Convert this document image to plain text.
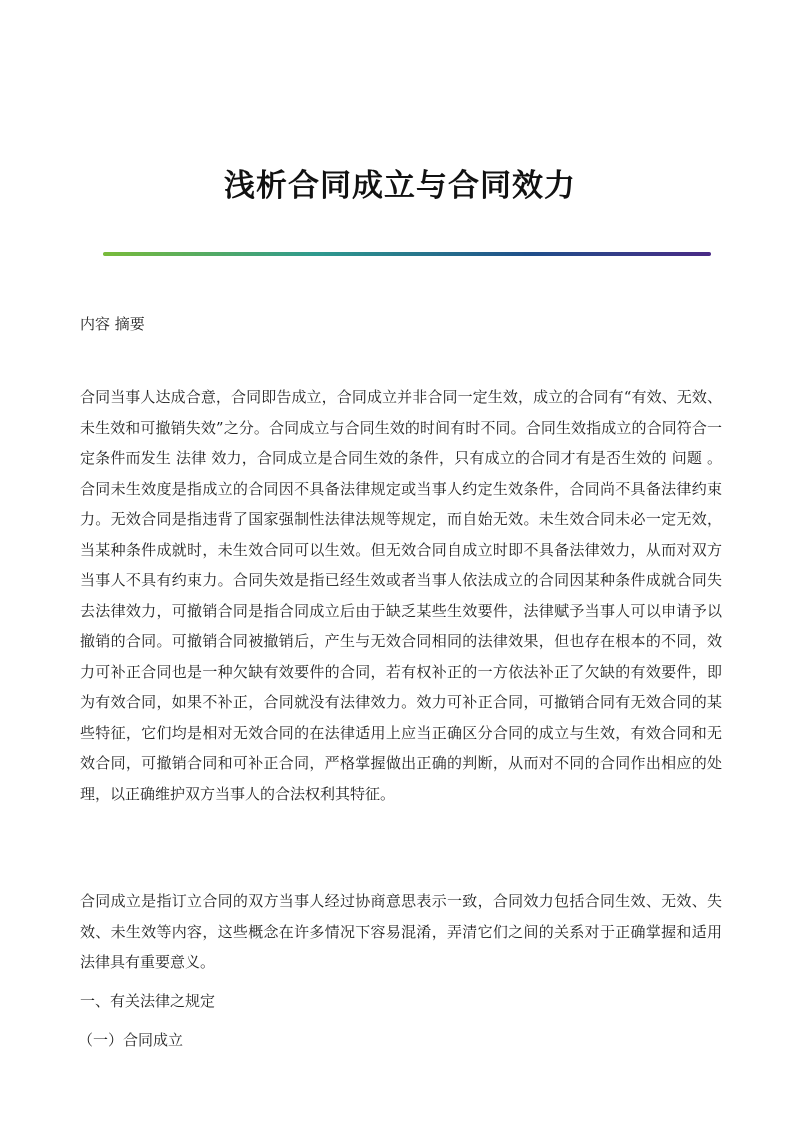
浅析合同成立与合同效力
内容 摘要
合同当事人达成合意，合同即告成立，合同成立并非合同一定生效，成立的合同有“有效、无效、未生效和可撤销失效”之分。合同成立与合同生效的时间有时不同。合同生效指成立的合同符合一定条件而发生 法律 效力，合同成立是合同生效的条件，只有成立的合同才有是否生效的 问题 。合同未生效度是指成立的合同因不具备法律规定或当事人约定生效条件，合同尚不具备法律约束力。无效合同是指违背了国家强制性法律法规等规定，而自始无效。未生效合同未必一定无效，当某种条件成就时，未生效合同可以生效。但无效合同自成立时即不具备法律效力，从而对双方当事人不具有约束力。合同失效是指已经生效或者当事人依法成立的合同因某种条件成就合同失去法律效力，可撤销合同是指合同成立后由于缺乏某些生效要件，法律赋予当事人可以申请予以撤销的合同。可撤销合同被撤销后，产生与无效合同相同的法律效果，但也存在根本的不同，效力可补正合同也是一种欠缺有效要件的合同，若有权补正的一方依法补正了欠缺的有效要件，即为有效合同，如果不补正，合同就没有法律效力。效力可补正合同，可撤销合同有无效合同的某些特征，它们均是相对无效合同的在法律适用上应当正确区分合同的成立与生效，有效合同和无效合同，可撤销合同和可补正合同，严格掌握做出正确的判断，从而对不同的合同作出相应的处理，以正确维护双方当事人的合法权利其特征。
合同成立是指订立合同的双方当事人经过协商意思表示一致，合同效力包括合同生效、无效、失效、未生效等内容，这些概念在许多情况下容易混淆，弄清它们之间的关系对于正确掌握和适用法律具有重要意义。
一、有关法律之规定
（一）合同成立
